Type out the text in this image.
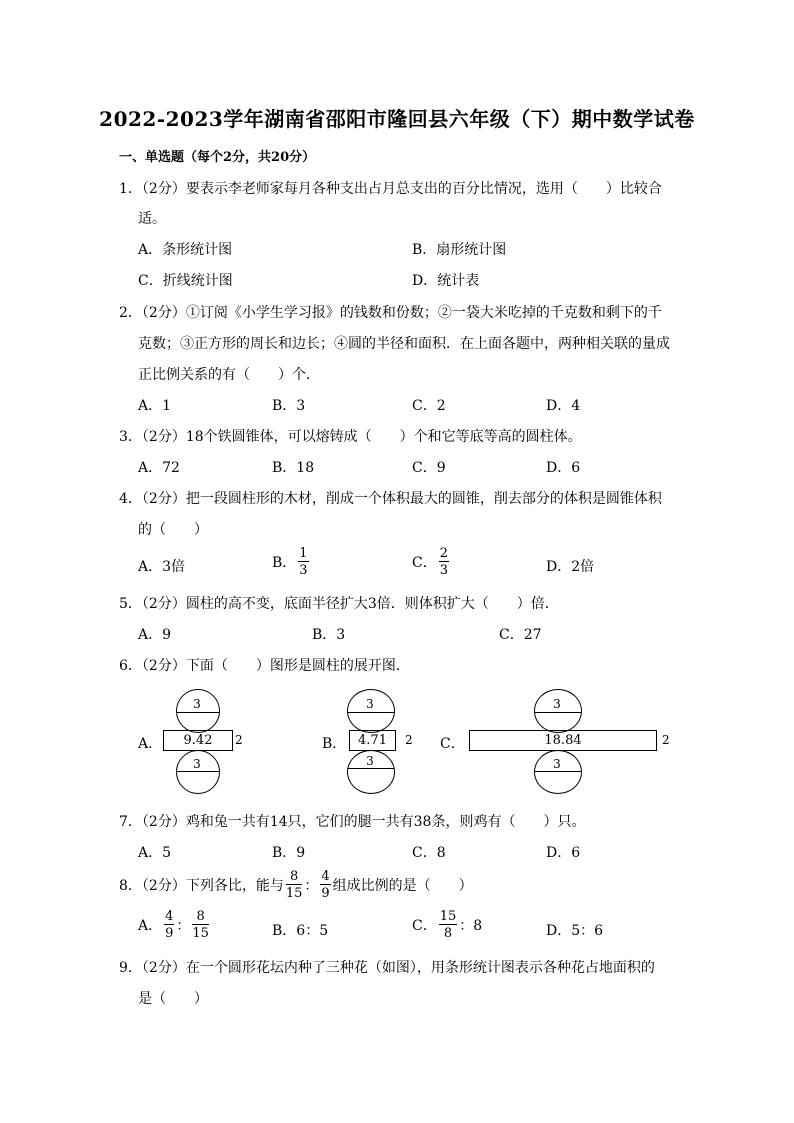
2022-2023学年湖南省邵阳市隆回县六年级（下）期中数学试卷
一、单选题（每个2分，共20分）
1．（2分）要表示李老师家每月各种支出占月总支出的百分比情况，选用（　　）比较合
适。
A．条形统计图	B．扇形统计图
C．折线统计图	D．统计表
2．（2分）①订阅《小学生学习报》的钱数和份数；②一袋大米吃掉的千克数和剩下的千
克数；③正方形的周长和边长；④圆的半径和面积．在上面各题中，两种相关联的量成
正比例关系的有（　　）个．
A．1	B．3	C．2	D．4
3．（2分）18个铁圆锥体，可以熔铸成（　　）个和它等底等高的圆柱体。
A．72	B．18	C．9	D．6
4．（2分）把一段圆柱形的木材，削成一个体积最大的圆锥，削去部分的体积是圆锥体积
的（　　）
A．3倍	B． $\frac{1}{3}$	C． $\frac{2}{3}$	D．2倍
5．（2分）圆柱的高不变，底面半径扩大3倍．则体积扩大（　　）倍．
A．9	B．3	C．27
6．（2分）下面（　　）图形是圆柱的展开图．
A．
3
9.42	2
3
B．
3
4.71	2
3
C．
3
18.84	2
3
7．（2分）鸡和兔一共有14只，它们的腿一共有38条，则鸡有（　　）只。
A．5	B．9	C．8	D．6
8．（2分）下列各比，能与 $\frac{8}{15}$ ： $\frac{4}{9}$ 组成比例的是（　　）
A． $\frac{4}{9}$ ： $\frac{8}{15}$	B．6：5	C． $\frac{15}{8}$ ：8	D．5：6
9．（2分）在一个圆形花坛内种了三种花（如图），用条形统计图表示各种花占地面积的
是（　　）
